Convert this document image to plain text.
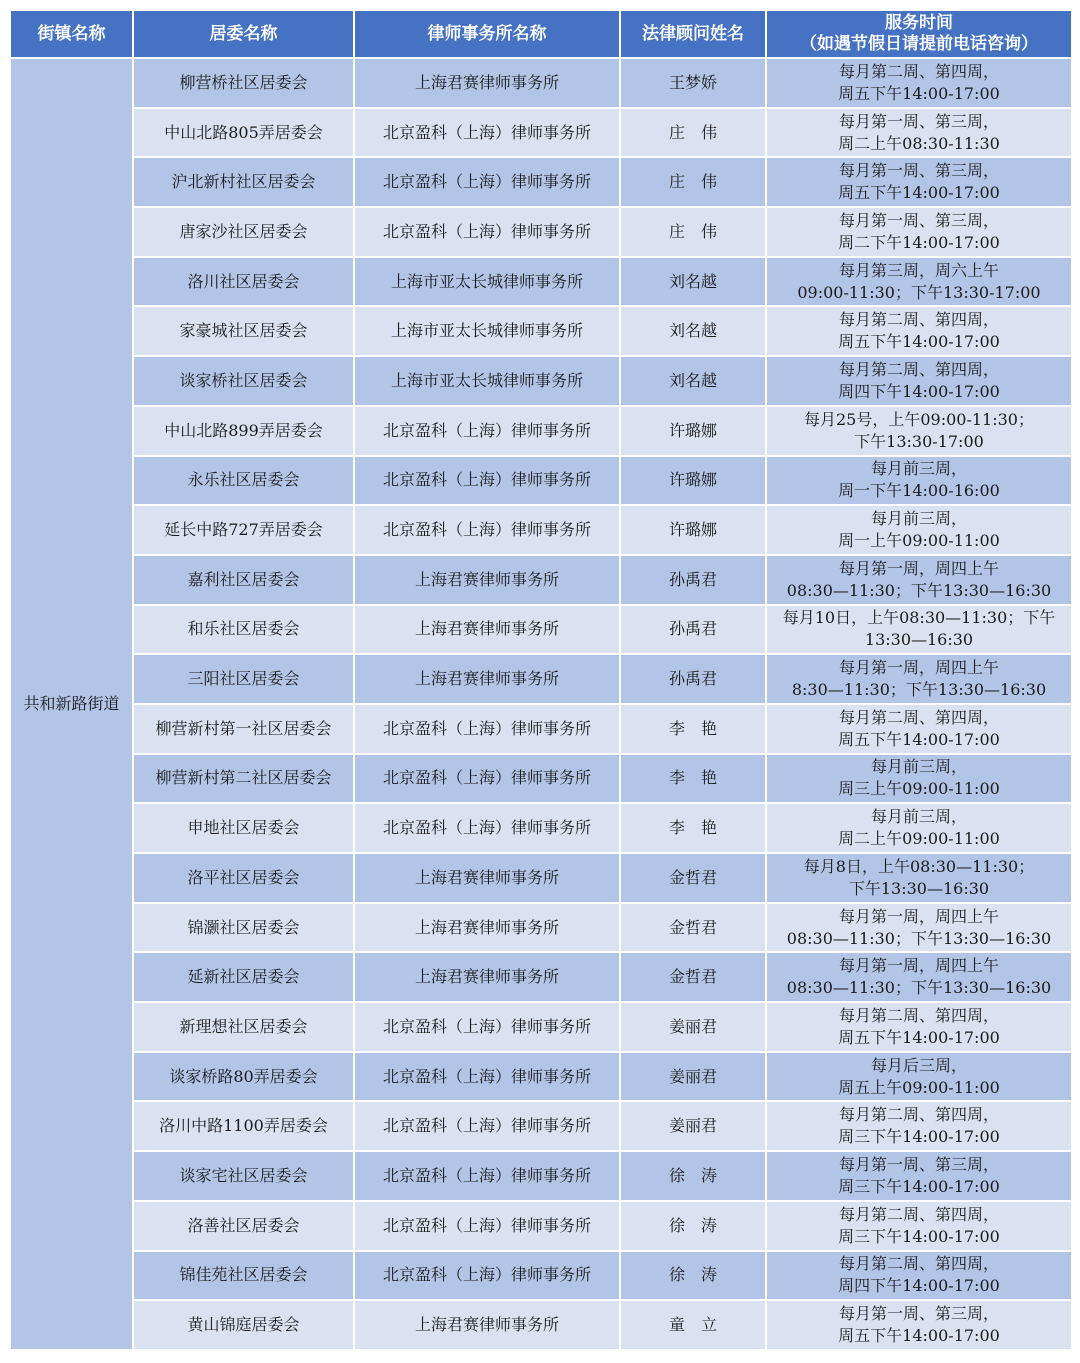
街镇名称	居委名称	律师事务所名称	法律顾问姓名	服务时间
（如遇节假日请提前电话咨询）

共和新路街道	柳营桥社区居委会	上海君赛律师事务所	王梦娇	每月第二周、第四周，
周五下午14:00-17:00

	中山北路805弄居委会	北京盈科（上海）律师事务所	庄　伟	每月第一周、第三周，
周二上午08:30-11:30

	沪北新村社区居委会	北京盈科（上海）律师事务所	庄　伟	每月第一周、第三周，
周五下午14:00-17:00

	唐家沙社区居委会	北京盈科（上海）律师事务所	庄　伟	每月第一周、第三周，
周二下午14:00-17:00

	洛川社区居委会	上海市亚太长城律师事务所	刘名越	每月第三周，周六上午
09:00-11:30；下午13:30-17:00

	家豪城社区居委会	上海市亚太长城律师事务所	刘名越	每月第二周、第四周，
周五下午14:00-17:00

	谈家桥社区居委会	上海市亚太长城律师事务所	刘名越	每月第二周、第四周，
周四下午14:00-17:00

	中山北路899弄居委会	北京盈科（上海）律师事务所	许璐娜	每月25号，上午09:00-11:30；
下午13:30-17:00

	永乐社区居委会	北京盈科（上海）律师事务所	许璐娜	每月前三周，
周一下午14:00-16:00

	延长中路727弄居委会	北京盈科（上海）律师事务所	许璐娜	每月前三周，
周一上午09:00-11:00

	嘉利社区居委会	上海君赛律师事务所	孙禹君	每月第一周，周四上午
08:30—11:30；下午13:30—16:30

	和乐社区居委会	上海君赛律师事务所	孙禹君	每月10日，上午08:30—11:30；下午
13:30—16:30

	三阳社区居委会	上海君赛律师事务所	孙禹君	每月第一周，周四上午
8:30—11:30；下午13:30—16:30

	柳营新村第一社区居委会	北京盈科（上海）律师事务所	李　艳	每月第二周、第四周，
周五下午14:00-17:00

	柳营新村第二社区居委会	北京盈科（上海）律师事务所	李　艳	每月前三周，
周三上午09:00-11:00

	申地社区居委会	北京盈科（上海）律师事务所	李　艳	每月前三周，
周二上午09:00-11:00

	洛平社区居委会	上海君赛律师事务所	金哲君	每月8日，上午08:30—11:30；
下午13:30—16:30

	锦灏社区居委会	上海君赛律师事务所	金哲君	每月第一周，周四上午
08:30—11:30；下午13:30—16:30

	延新社区居委会	上海君赛律师事务所	金哲君	每月第一周，周四上午
08:30—11:30；下午13:30—16:30

	新理想社区居委会	北京盈科（上海）律师事务所	姜丽君	每月第二周、第四周，
周五下午14:00-17:00

	谈家桥路80弄居委会	北京盈科（上海）律师事务所	姜丽君	每月后三周，
周五上午09:00-11:00

	洛川中路1100弄居委会	北京盈科（上海）律师事务所	姜丽君	每月第二周、第四周，
周三下午14:00-17:00

	谈家宅社区居委会	北京盈科（上海）律师事务所	徐　涛	每月第一周、第三周，
周三下午14:00-17:00

	洛善社区居委会	北京盈科（上海）律师事务所	徐　涛	每月第二周、第四周，
周三下午14:00-17:00

	锦佳苑社区居委会	北京盈科（上海）律师事务所	徐　涛	每月第二周、第四周，
周四下午14:00-17:00

	黄山锦庭居委会	上海君赛律师事务所	童　立	每月第一周、第三周，
周五下午14:00-17:00
